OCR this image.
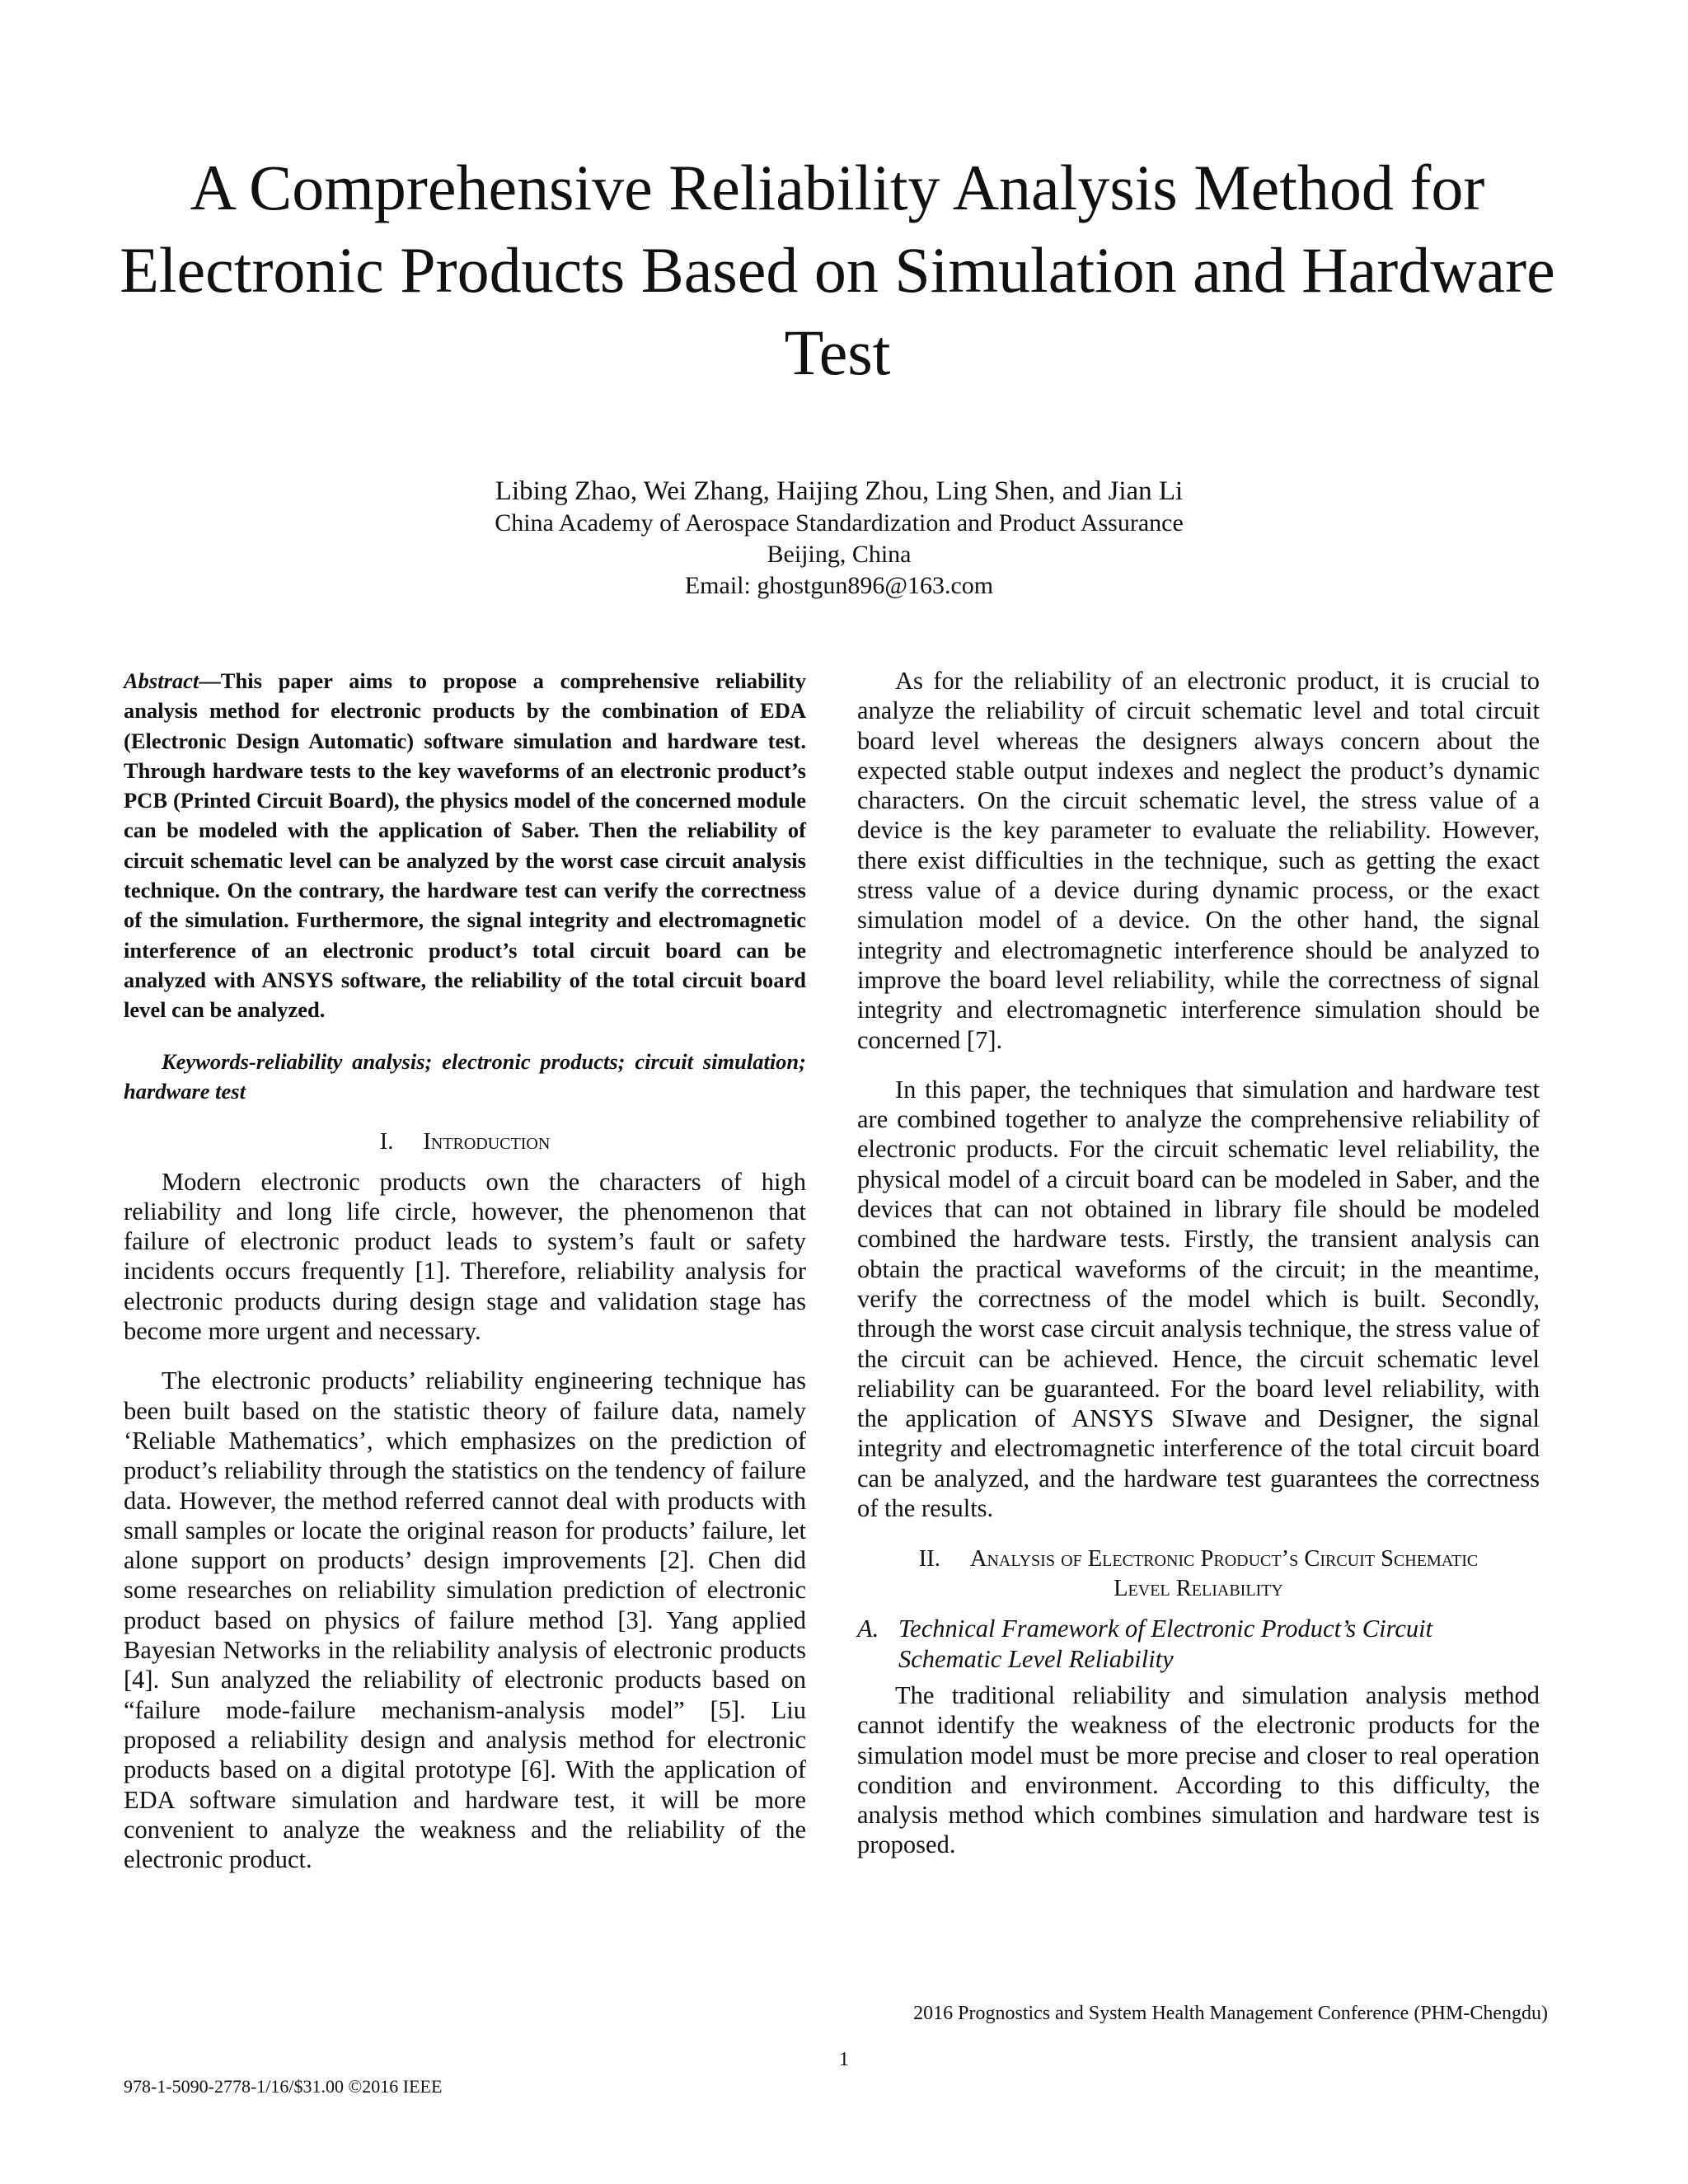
A Comprehensive Reliability Analysis Method for Electronic Products Based on Simulation and Hardware Test
Libing Zhao, Wei Zhang, Haijing Zhou, Ling Shen, and Jian Li
China Academy of Aerospace Standardization and Product Assurance
Beijing, China
Email: ghostgun896@163.com

Abstract—This paper aims to propose a comprehensive reliability analysis method for electronic products by the combination of EDA (Electronic Design Automatic) software simulation and hardware test. Through hardware tests to the key waveforms of an electronic product’s PCB (Printed Circuit Board), the physics model of the concerned module can be modeled with the application of Saber. Then the reliability of circuit schematic level can be analyzed by the worst case circuit analysis technique. On the contrary, the hardware test can verify the correctness of the simulation. Furthermore, the signal integrity and electromagnetic interference of an electronic product’s total circuit board can be analyzed with ANSYS software, the reliability of the total circuit board level can be analyzed.

Keywords-reliability analysis; electronic products; circuit simulation; hardware test

I. Introduction

Modern electronic products own the characters of high reliability and long life circle, however, the phenomenon that failure of electronic product leads to system’s fault or safety incidents occurs frequently [1]. Therefore, reliability analysis for electronic products during design stage and validation stage has become more urgent and necessary.

The electronic products’ reliability engineering technique has been built based on the statistic theory of failure data, namely ‘Reliable Mathematics’, which emphasizes on the prediction of product’s reliability through the statistics on the tendency of failure data. However, the method referred cannot deal with products with small samples or locate the original reason for products’ failure, let alone support on products’ design improvements [2]. Chen did some researches on reliability simulation prediction of electronic product based on physics of failure method [3]. Yang applied Bayesian Networks in the reliability analysis of electronic products [4]. Sun analyzed the reliability of electronic products based on “failure mode-failure mechanism-analysis model” [5]. Liu proposed a reliability design and analysis method for electronic products based on a digital prototype [6]. With the application of EDA software simulation and hardware test, it will be more convenient to analyze the weakness and the reliability of the electronic product.

As for the reliability of an electronic product, it is crucial to analyze the reliability of circuit schematic level and total circuit board level whereas the designers always concern about the expected stable output indexes and neglect the product’s dynamic characters. On the circuit schematic level, the stress value of a device is the key parameter to evaluate the reliability. However, there exist difficulties in the technique, such as getting the exact stress value of a device during dynamic process, or the exact simulation model of a device. On the other hand, the signal integrity and electromagnetic interference should be analyzed to improve the board level reliability, while the correctness of signal integrity and electromagnetic interference simulation should be concerned [7].

In this paper, the techniques that simulation and hardware test are combined together to analyze the comprehensive reliability of electronic products. For the circuit schematic level reliability, the physical model of a circuit board can be modeled in Saber, and the devices that can not obtained in library file should be modeled combined the hardware tests. Firstly, the transient analysis can obtain the practical waveforms of the circuit; in the meantime, verify the correctness of the model which is built. Secondly, through the worst case circuit analysis technique, the stress value of the circuit can be achieved. Hence, the circuit schematic level reliability can be guaranteed. For the board level reliability, with the application of ANSYS SIwave and Designer, the signal integrity and electromagnetic interference of the total circuit board can be analyzed, and the hardware test guarantees the correctness of the results.

II. Analysis of Electronic Product’s Circuit Schematic Level Reliability
A. Technical Framework of Electronic Product’s Circuit Schematic Level Reliability

The traditional reliability and simulation analysis method cannot identify the weakness of the electronic products for the simulation model must be more precise and closer to real operation condition and environment. According to this difficulty, the analysis method which combines simulation and hardware test is proposed.

2016 Prognostics and System Health Management Conference (PHM-Chengdu)
1
978-1-5090-2778-1/16/$31.00 ©2016 IEEE
